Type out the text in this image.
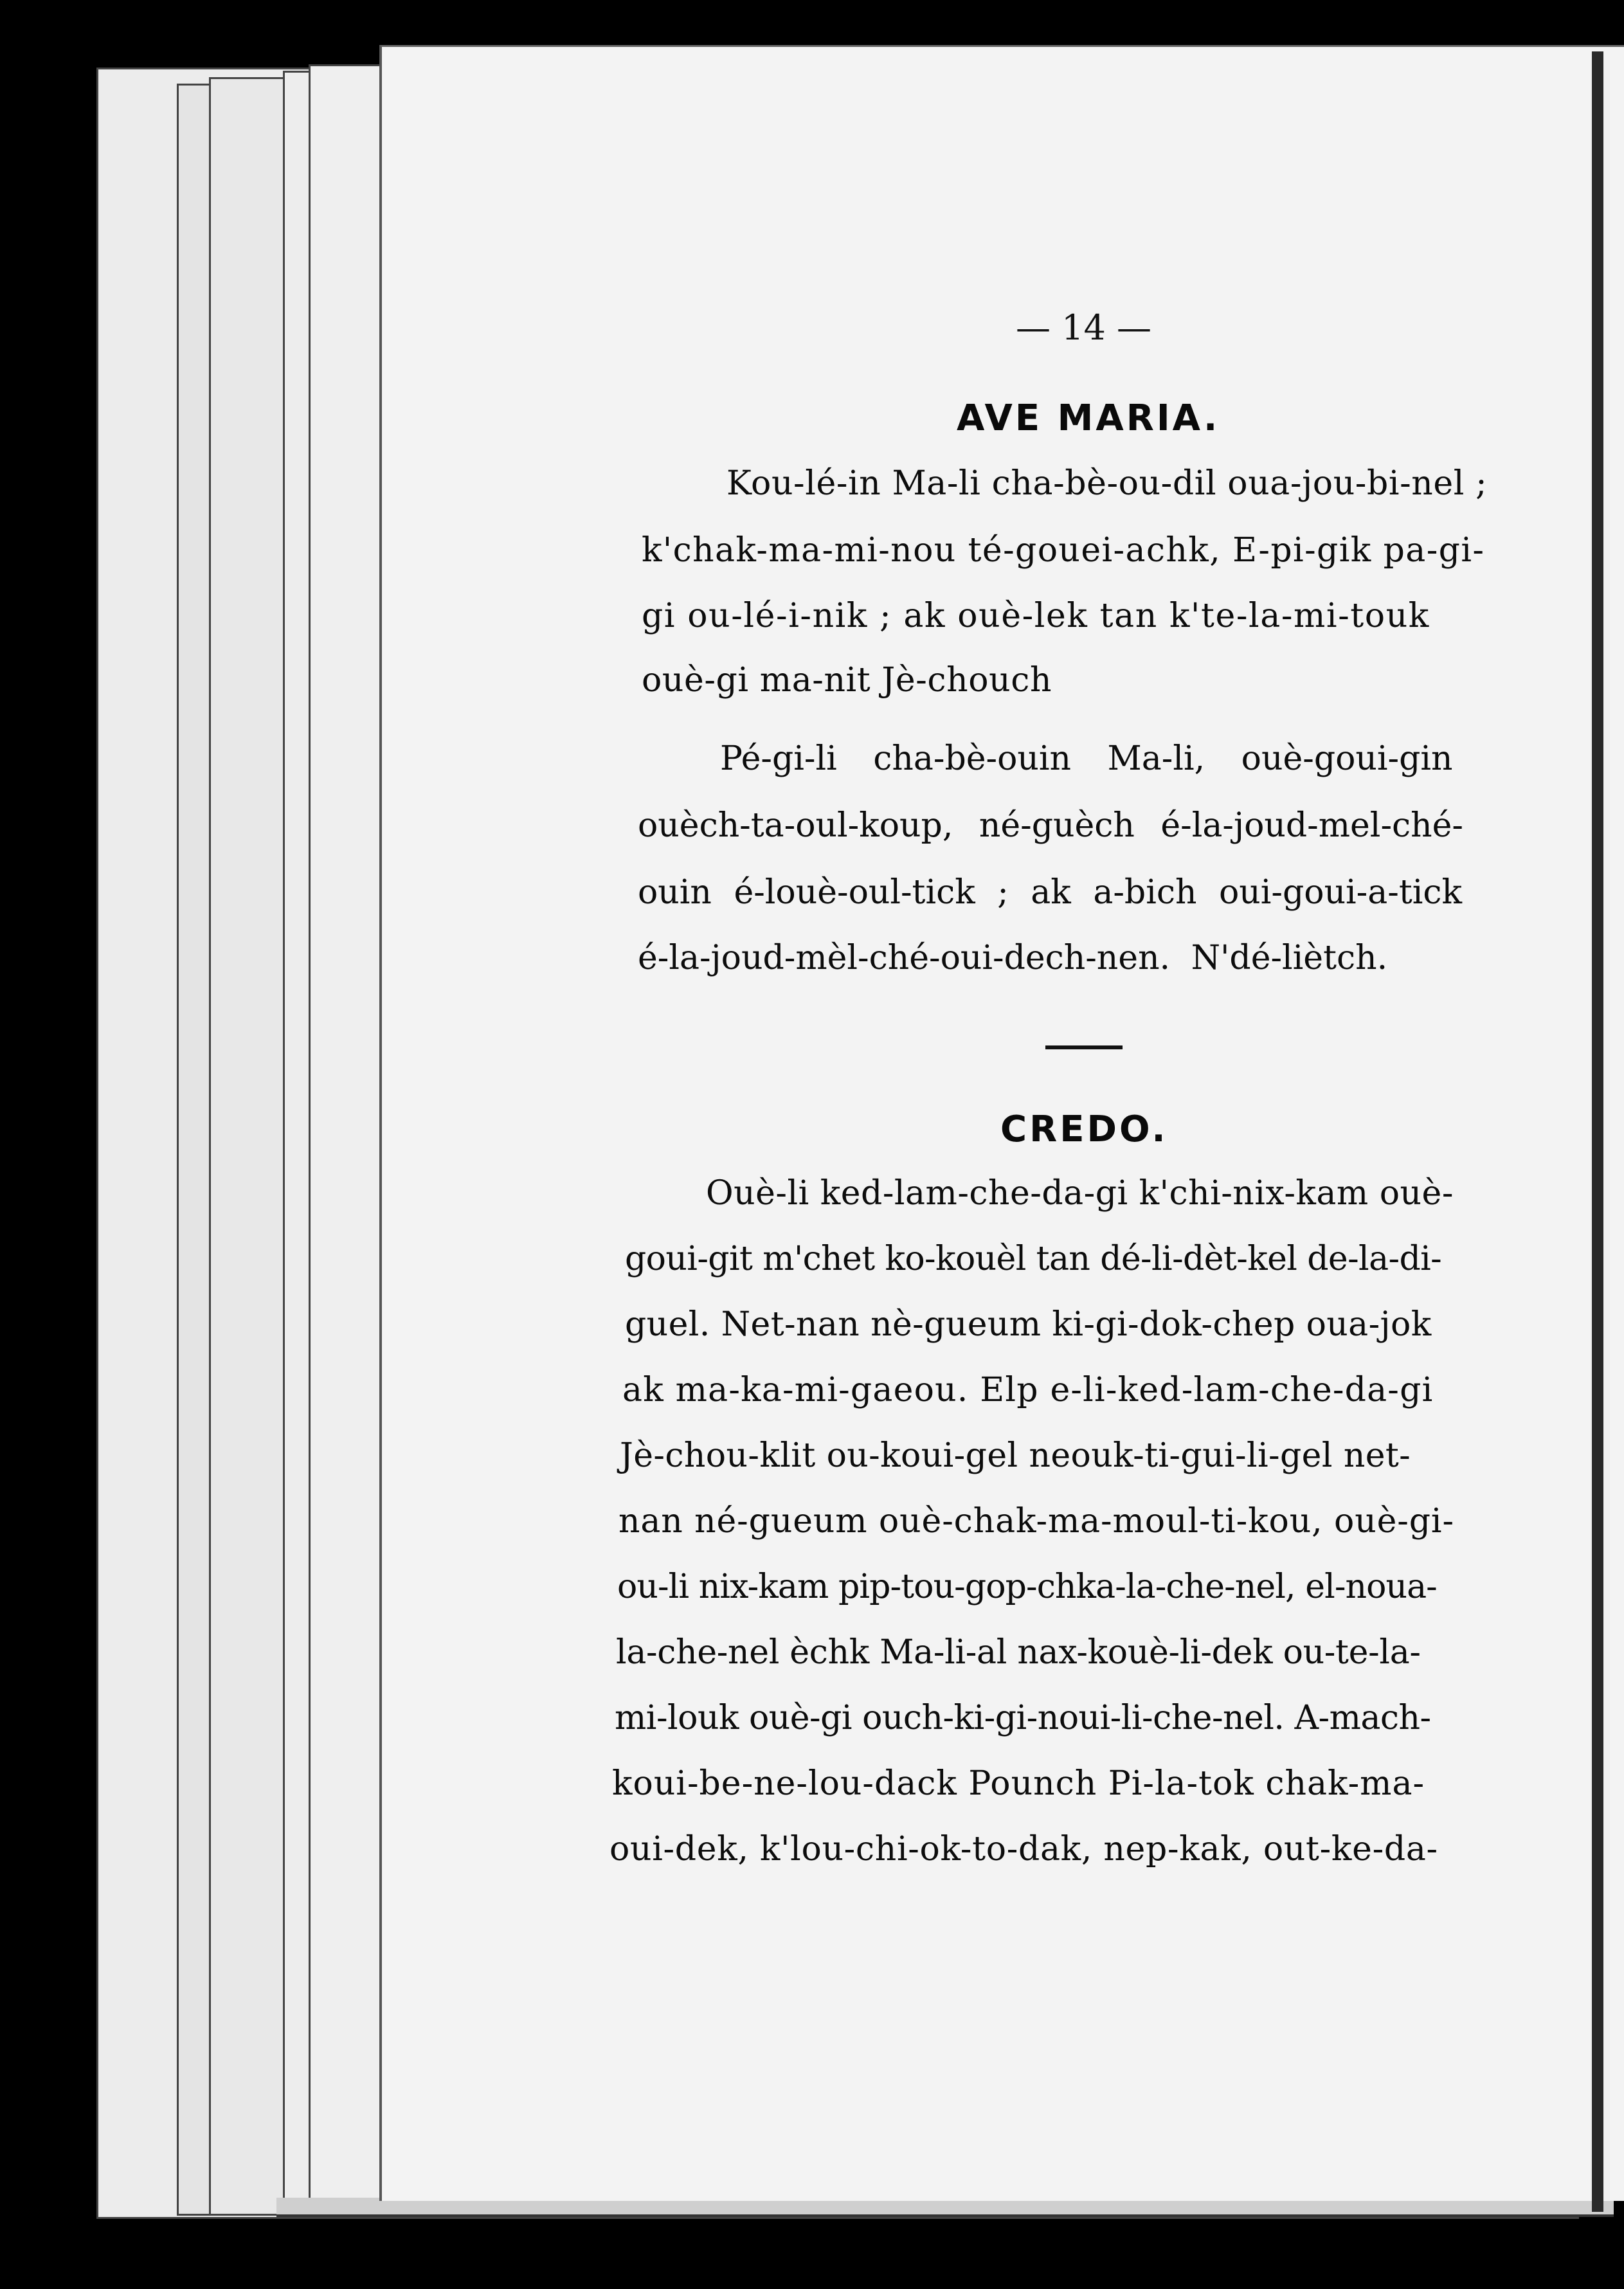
— 14 —
AVE MARIA.
Kou-lé-in Ma-li cha-bè-ou-dil oua-jou-bi-nel ;
k'chak-ma-mi-nou té-gouei-achk, E-pi-gik pa-gi-
gi ou-lé-i-nik ; ak ouè-lek tan k'te-la-mi-touk
ouè-gi ma-nit Jè-chouch
Pé-gi-li cha-bè-ouin Ma-li, ouè-goui-gin
ouèch-ta-oul-koup, né-guèch é-la-joud-mel-ché-
ouin é-louè-oul-tick ; ak a-bich oui-goui-a-tick
é-la-joud-mèl-ché-oui-dech-nen. N'dé-liètch.
CREDO.
Ouè-li ked-lam-che-da-gi k'chi-nix-kam ouè-
goui-git m'chet ko-kouèl tan dé-li-dèt-kel de-la-di-
guel. Net-nan nè-gueum ki-gi-dok-chep oua-jok
ak ma-ka-mi-gaeou. Elp e-li-ked-lam-che-da-gi
Jè-chou-klit ou-koui-gel neouk-ti-gui-li-gel net-
nan né-gueum ouè-chak-ma-moul-ti-kou, ouè-gi-
ou-li nix-kam pip-tou-gop-chka-la-che-nel, el-noua-
la-che-nel èchk Ma-li-al nax-kouè-li-dek ou-te-la-
mi-louk ouè-gi ouch-ki-gi-noui-li-che-nel. A-mach-
koui-be-ne-lou-dack Pounch Pi-la-tok chak-ma-
oui-dek, k'lou-chi-ok-to-dak, nep-kak, out-ke-da-
